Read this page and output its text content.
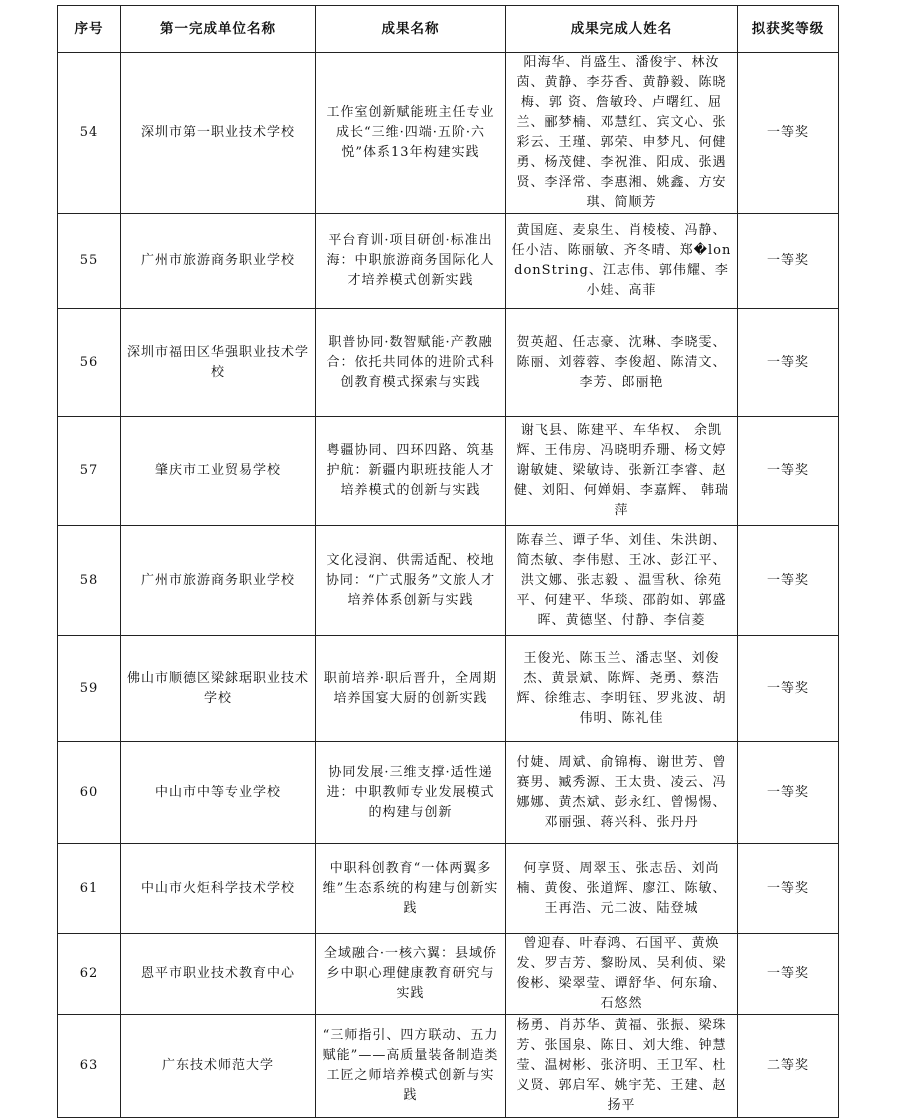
序号	第一完成单位名称	成果名称	成果完成人姓名	拟获奖等级
54	深圳市第一职业技术学校	工作室创新赋能班主任专业成长“三维·四端·五阶·六悦”体系13年构建实践	阳海华、肖盛生、潘俊宇、林汝茵、黄静、李芬香、黄静毅、陈晓梅、郭 资、詹敏玲、卢曙红、屈兰、郦梦楠、邓慧红、宾文心、张彩云、王瑾、郭荣、申梦凡、何健勇、杨茂健、李祝淮、阳成、张遇贤、李泽常、李惠湘、姚鑫、方安琪、简顺芳	一等奖
55	广州市旅游商务职业学校	平台育训·项目研创·标准出海：中职旅游商务国际化人才培养模式创新实践	黄国庭、麦泉生、肖棱棱、冯静、任小洁、陈丽敏、齐冬晴、郑�londonString、江志伟、郭伟耀、李小娃、高菲	一等奖
56	深圳市福田区华强职业技术学校	职普协同·数智赋能·产教融合：依托共同体的进阶式科创教育模式探索与实践	贺英超、任志豪、沈琳、李晓雯、陈丽、刘蓉蓉、李俊超、陈清文、李芳、郎丽艳	一等奖
57	肇庆市工业贸易学校	粤疆协同、四环四路、筑基护航：新疆内职班技能人才培养模式的创新与实践	谢飞县、陈建平、车华权、 余凯辉、王伟房、冯晓明乔珊、杨文婷谢敏婕、梁敏诗、张新江李睿、赵健、刘阳、何婵娟、李嘉辉、 韩瑞萍	一等奖
58	广州市旅游商务职业学校	文化浸润、供需适配、校地协同：“广式服务”文旅人才培养体系创新与实践	陈春兰、谭子华、刘佳、朱洪朗、简杰敏、李伟慰、王冰、彭江平、洪文娜、张志毅 、温雪秋、徐苑平、何建平、华琰、邵韵如、郭盛晖、黄德坚、付静、李信菱	一等奖
59	佛山市顺德区梁銶琚职业技术学校	职前培养·职后晋升，全周期培养国宴大厨的创新实践	王俊光、陈玉兰、潘志坚、刘俊杰、黄景斌、陈辉、尧勇、蔡浩辉、徐维志、李明钰、罗兆波、胡伟明、陈礼佳	一等奖
60	中山市中等专业学校	协同发展·三维支撑·适性递进：中职教师专业发展模式的构建与创新	付婕、周斌、俞锦梅、谢世芳、曾赛男、臧秀源、王太贵、凌云、冯娜娜、黄杰斌、彭永红、曾惕惕、邓丽强、蒋兴科、张丹丹	一等奖
61	中山市火炬科学技术学校	中职科创教育“一体两翼多维”生态系统的构建与创新实践	何享贤、周翠玉、张志岳、刘尚楠、黄俊、张道辉、廖江、陈敏、王再浩、元二波、陆登城	一等奖
62	恩平市职业技术教育中心	全域融合·一核六翼：县域侨乡中职心理健康教育研究与实践	曾迎春、叶春鸿、石国平、黄焕发、罗吉芳、黎盼凤、吴利侦、梁俊彬、梁翠莹、谭舒华、何东瑜、石悠然	一等奖
63	广东技术师范大学	“三师指引、四方联动、五力赋能”——高质量装备制造类工匠之师培养模式创新与实践	杨勇、肖苏华、黄福、张振、梁珠芳、张国泉、陈日、刘大维、钟慧莹、温树彬、张济明、王卫军、杜义贤、郭启军、姚宇芜、王建、赵扬平	二等奖
